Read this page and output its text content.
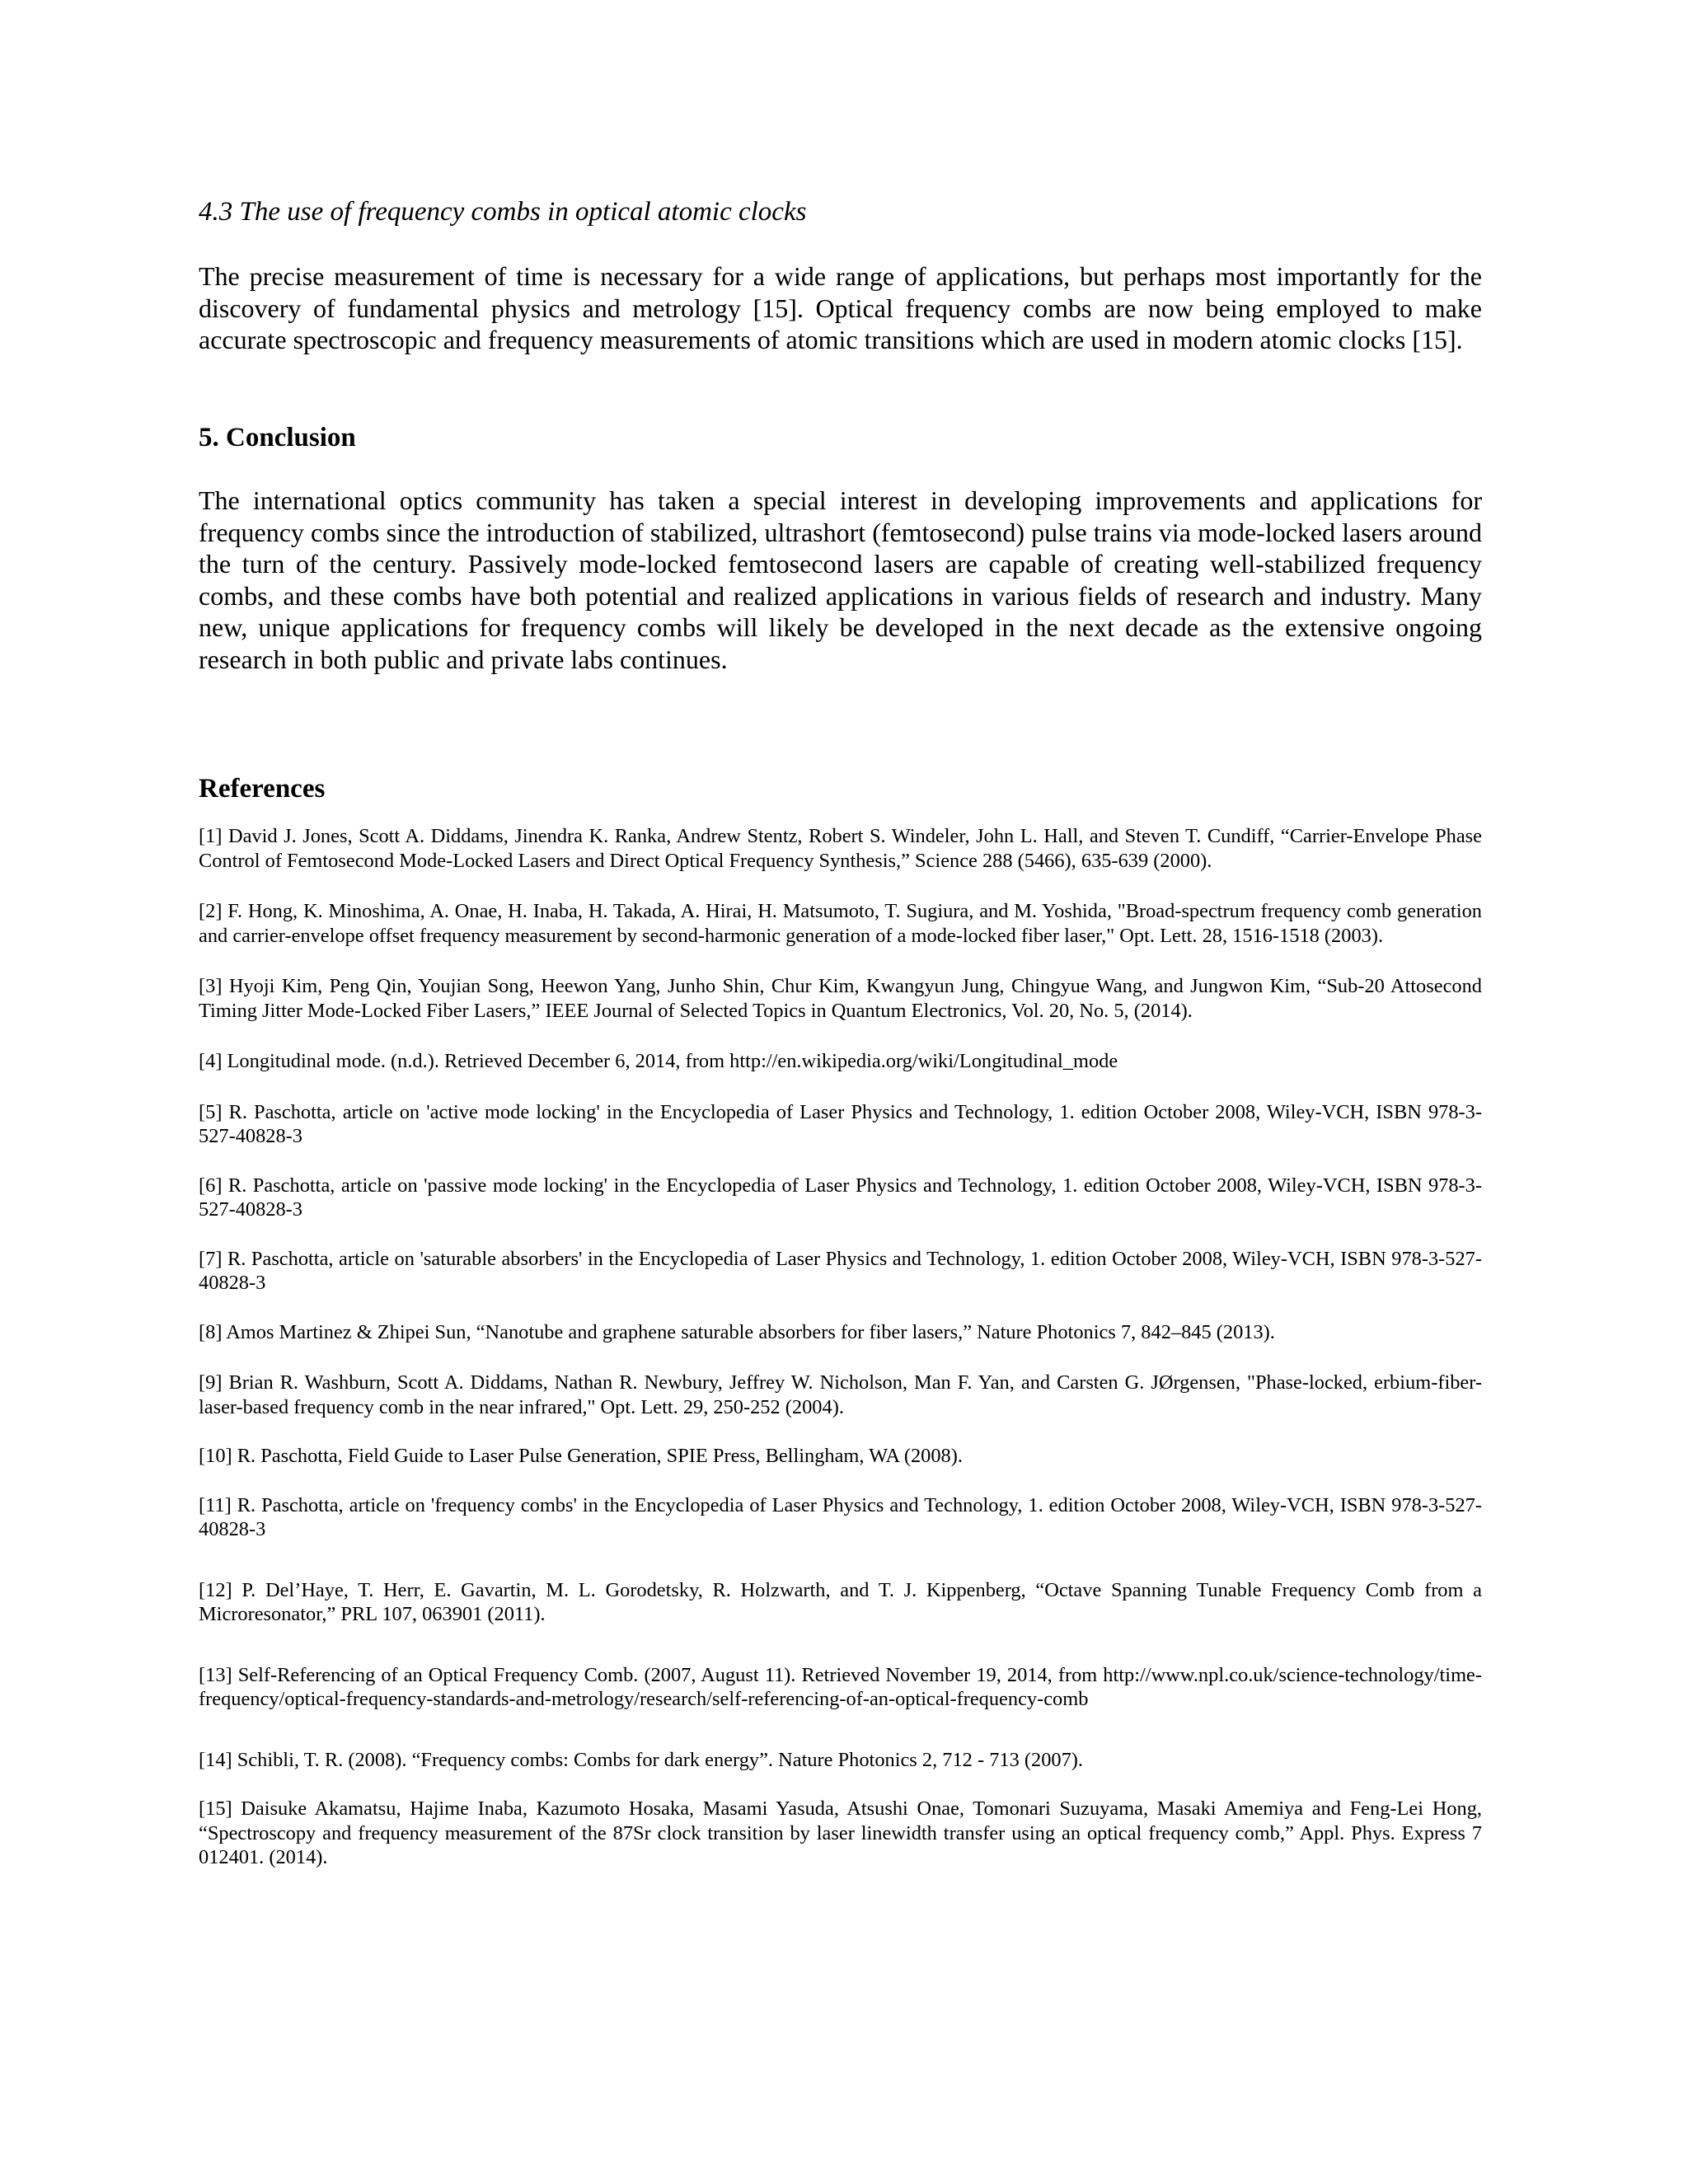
4.3 The use of frequency combs in optical atomic clocks
The precise measurement of time is necessary for a wide range of applications, but perhaps most importantly for the discovery of fundamental physics and metrology [15]. Optical frequency combs are now being employed to make accurate spectroscopic and frequency measurements of atomic transitions which are used in modern atomic clocks [15].
5. Conclusion
The international optics community has taken a special interest in developing improvements and applications for frequency combs since the introduction of stabilized, ultrashort (femtosecond) pulse trains via mode-locked lasers around the turn of the century. Passively mode-locked femtosecond lasers are capable of creating well-stabilized frequency combs, and these combs have both potential and realized applications in various fields of research and industry. Many new, unique applications for frequency combs will likely be developed in the next decade as the extensive ongoing research in both public and private labs continues.
References
[1] David J. Jones, Scott A. Diddams, Jinendra K. Ranka, Andrew Stentz, Robert S. Windeler, John L. Hall, and Steven T. Cundiff, “Carrier-Envelope Phase Control of Femtosecond Mode-Locked Lasers and Direct Optical Frequency Synthesis,” Science 288 (5466), 635-639 (2000).
[2] F. Hong, K. Minoshima, A. Onae, H. Inaba, H. Takada, A. Hirai, H. Matsumoto, T. Sugiura, and M. Yoshida, "Broad-spectrum frequency comb generation and carrier-envelope offset frequency measurement by second-harmonic generation of a mode-locked fiber laser," Opt. Lett. 28, 1516-1518 (2003).
[3] Hyoji Kim, Peng Qin, Youjian Song, Heewon Yang, Junho Shin, Chur Kim, Kwangyun Jung, Chingyue Wang, and Jungwon Kim, “Sub-20 Attosecond Timing Jitter Mode-Locked Fiber Lasers,” IEEE Journal of Selected Topics in Quantum Electronics, Vol. 20, No. 5, (2014).
[4] Longitudinal mode. (n.d.). Retrieved December 6, 2014, from http://en.wikipedia.org/wiki/Longitudinal_mode
[5] R. Paschotta, article on 'active mode locking' in the Encyclopedia of Laser Physics and Technology, 1. edition October 2008, Wiley-VCH, ISBN 978-3-527-40828-3
[6] R. Paschotta, article on 'passive mode locking' in the Encyclopedia of Laser Physics and Technology, 1. edition October 2008, Wiley-VCH, ISBN 978-3-527-40828-3
[7] R. Paschotta, article on 'saturable absorbers' in the Encyclopedia of Laser Physics and Technology, 1. edition October 2008, Wiley-VCH, ISBN 978-3-527-40828-3
[8] Amos Martinez & Zhipei Sun, “Nanotube and graphene saturable absorbers for fiber lasers,” Nature Photonics 7, 842–845 (2013).
[9] Brian R. Washburn, Scott A. Diddams, Nathan R. Newbury, Jeffrey W. Nicholson, Man F. Yan, and Carsten G. JØrgensen, "Phase-locked, erbium-fiber-laser-based frequency comb in the near infrared," Opt. Lett. 29, 250-252 (2004).
[10] R. Paschotta, Field Guide to Laser Pulse Generation, SPIE Press, Bellingham, WA (2008).
[11] R. Paschotta, article on 'frequency combs' in the Encyclopedia of Laser Physics and Technology, 1. edition October 2008, Wiley-VCH, ISBN 978-3-527-40828-3
[12] P. Del’Haye, T. Herr, E. Gavartin, M. L. Gorodetsky, R. Holzwarth, and T. J. Kippenberg, “Octave Spanning Tunable Frequency Comb from a Microresonator,” PRL 107, 063901 (2011).
[13] Self-Referencing of an Optical Frequency Comb. (2007, August 11). Retrieved November 19, 2014, from http://www.npl.co.uk/science-technology/time-frequency/optical-frequency-standards-and-metrology/research/self-referencing-of-an-optical-frequency-comb
[14] Schibli, T. R. (2008). “Frequency combs: Combs for dark energy”. Nature Photonics 2, 712 - 713 (2007).
[15] Daisuke Akamatsu, Hajime Inaba, Kazumoto Hosaka, Masami Yasuda, Atsushi Onae, Tomonari Suzuyama, Masaki Amemiya and Feng-Lei Hong, “Spectroscopy and frequency measurement of the 87Sr clock transition by laser linewidth transfer using an optical frequency comb,” Appl. Phys. Express 7 012401. (2014).
